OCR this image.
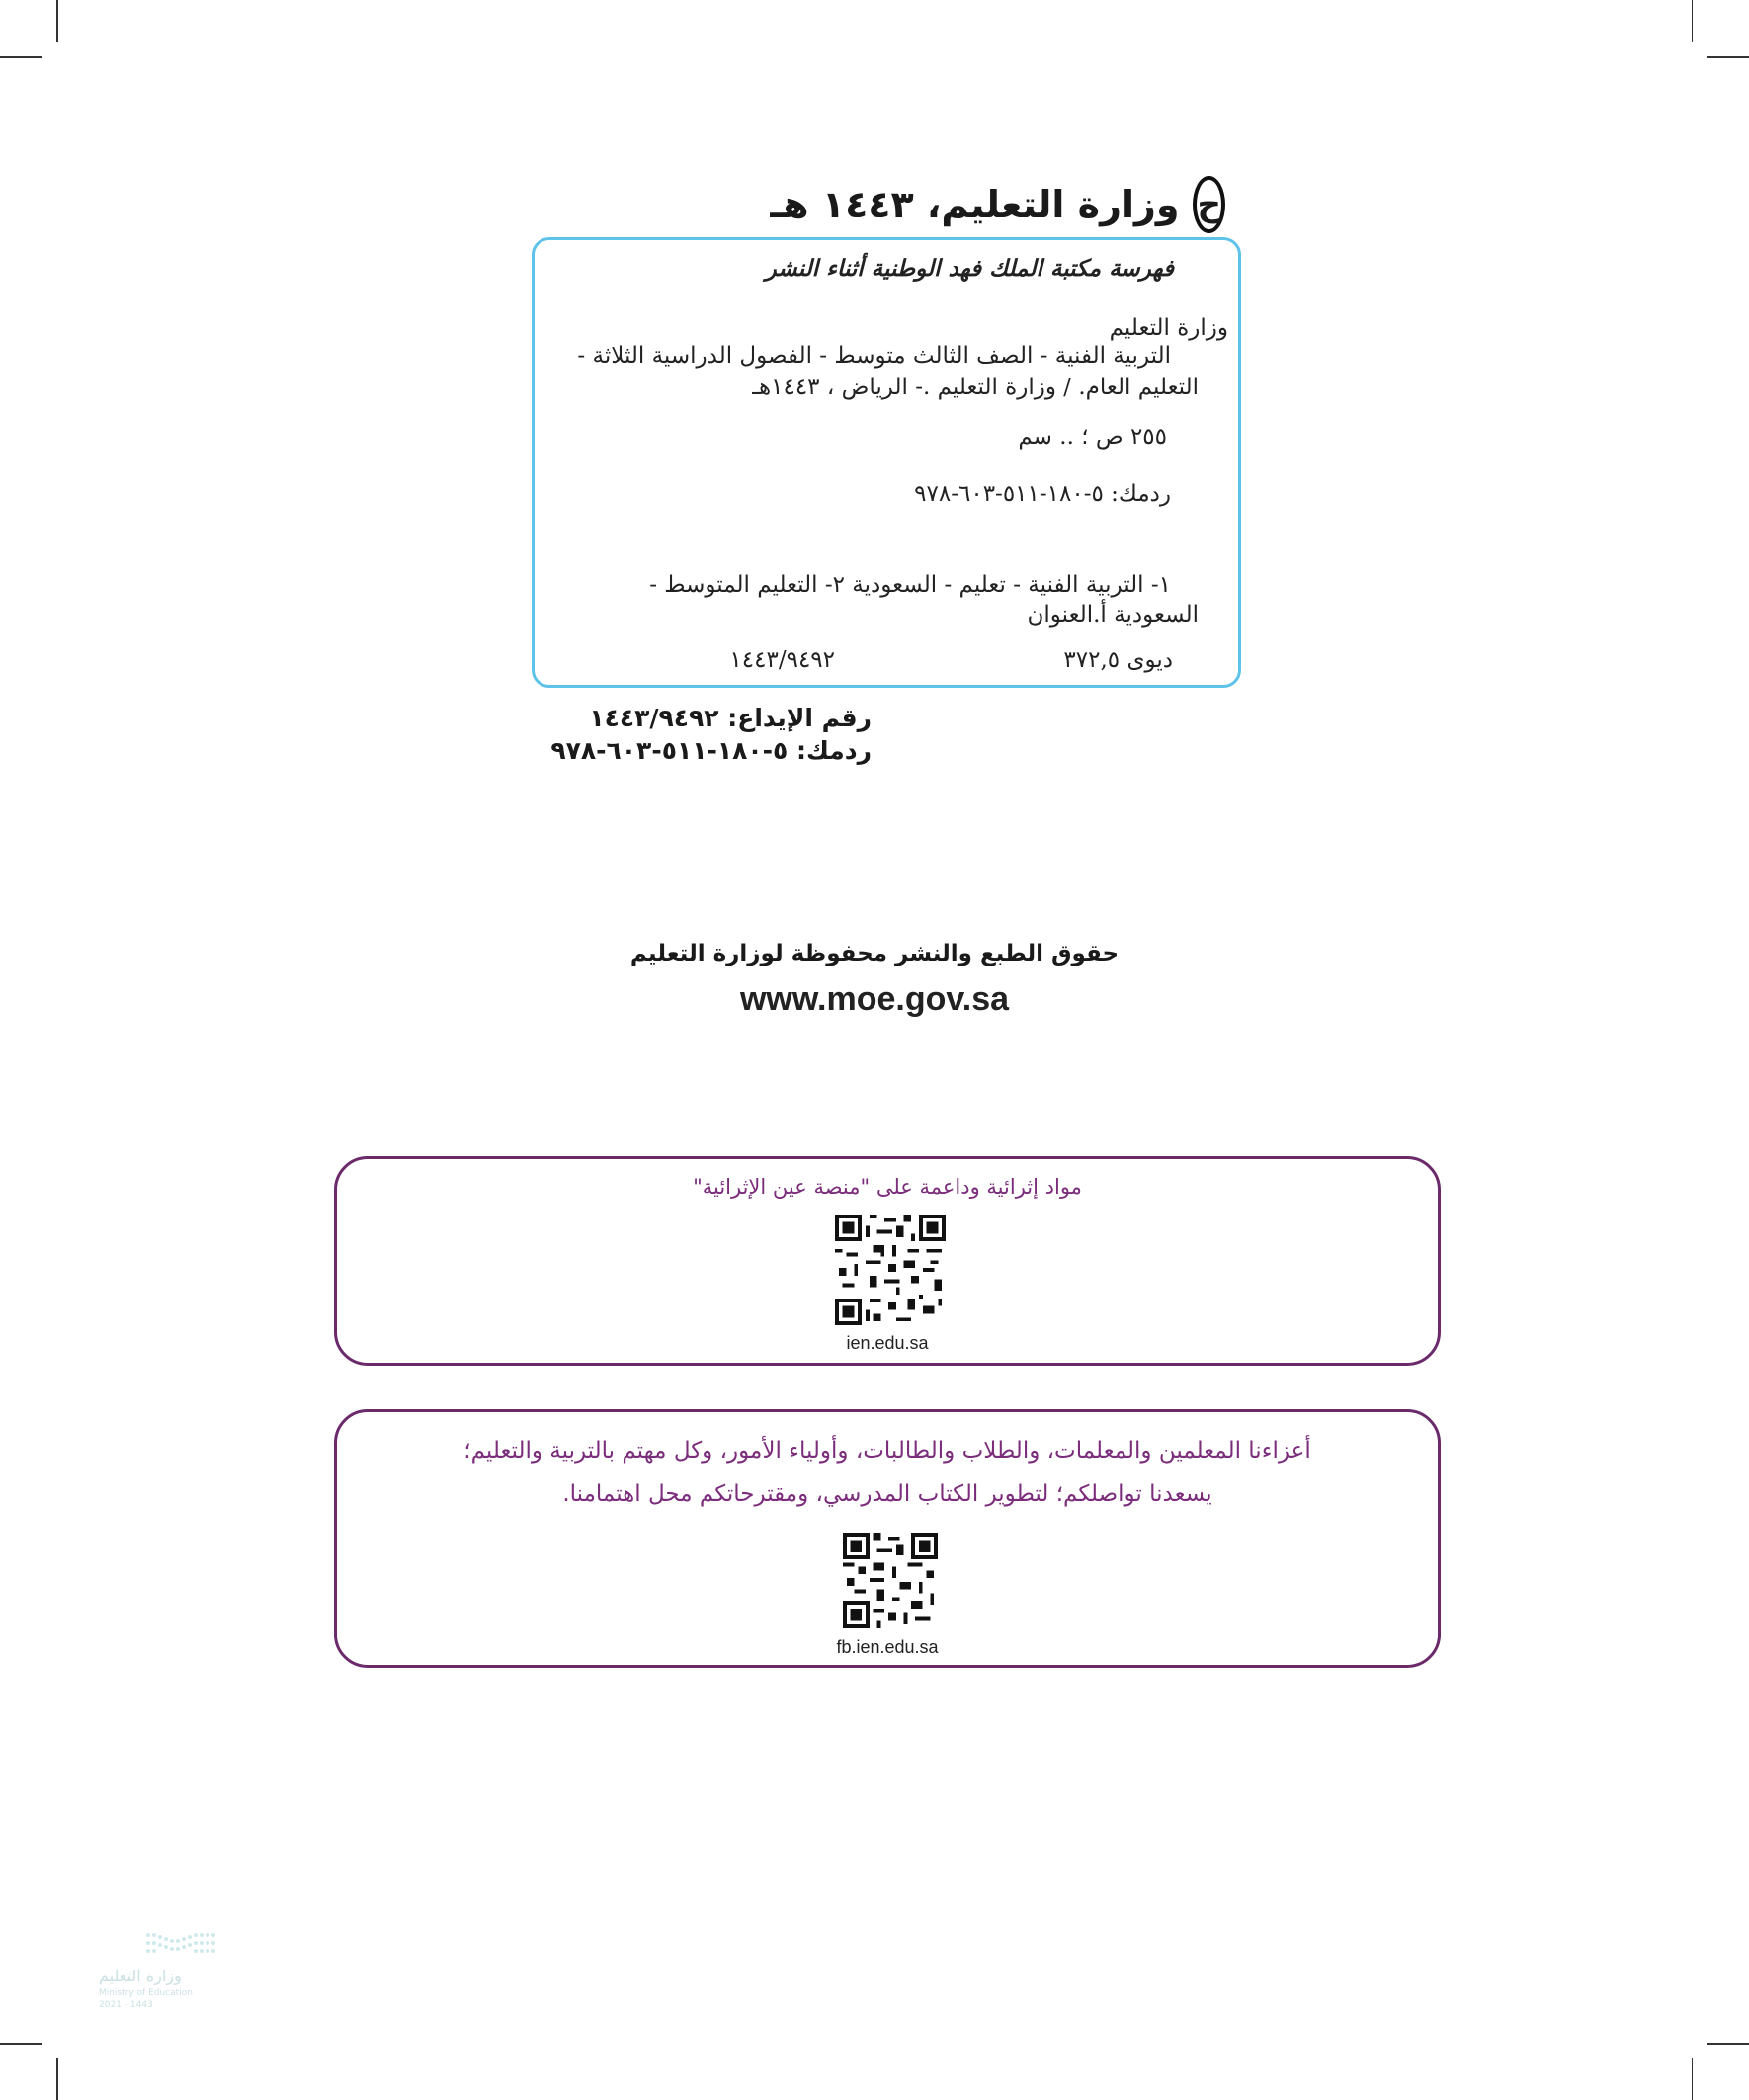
ح
وزارة التعليم، ١٤٤٣ هـ
فهرسة مكتبة الملك فهد الوطنية أثناء النشر
وزارة التعليم
التربية الفنية - الصف الثالث متوسط - الفصول الدراسية الثلاثة -
التعليم العام. / وزارة التعليم .- الرياض ، ١٤٤٣هـ
٢٥٥ ص ؛ .. سم
ردمك: ٥-١٨٠-٥١١-٦٠٣-٩٧٨
١- التربية الفنية - تعليم - السعودية ٢- التعليم المتوسط -
السعودية أ.العنوان
ديوى ٣٧٢,٥
١٤٤٣/٩٤٩٢
رقم الإيداع: ١٤٤٣/٩٤٩٢
ردمك: ٥-١٨٠-٥١١-٦٠٣-٩٧٨
حقوق الطبع والنشر محفوظة لوزارة التعليم
www.moe.gov.sa
مواد إثرائية وداعمة على "منصة عين الإثرائية"
ien.edu.sa
أعزاءنا المعلمين والمعلمات، والطلاب والطالبات، وأولياء الأمور، وكل مهتم بالتربية والتعليم؛
يسعدنا تواصلكم؛ لتطوير الكتاب المدرسي، ومقترحاتكم محل اهتمامنا.
fb.ien.edu.sa
وزارة التعليم
Ministry of Education
2021 - 1443
